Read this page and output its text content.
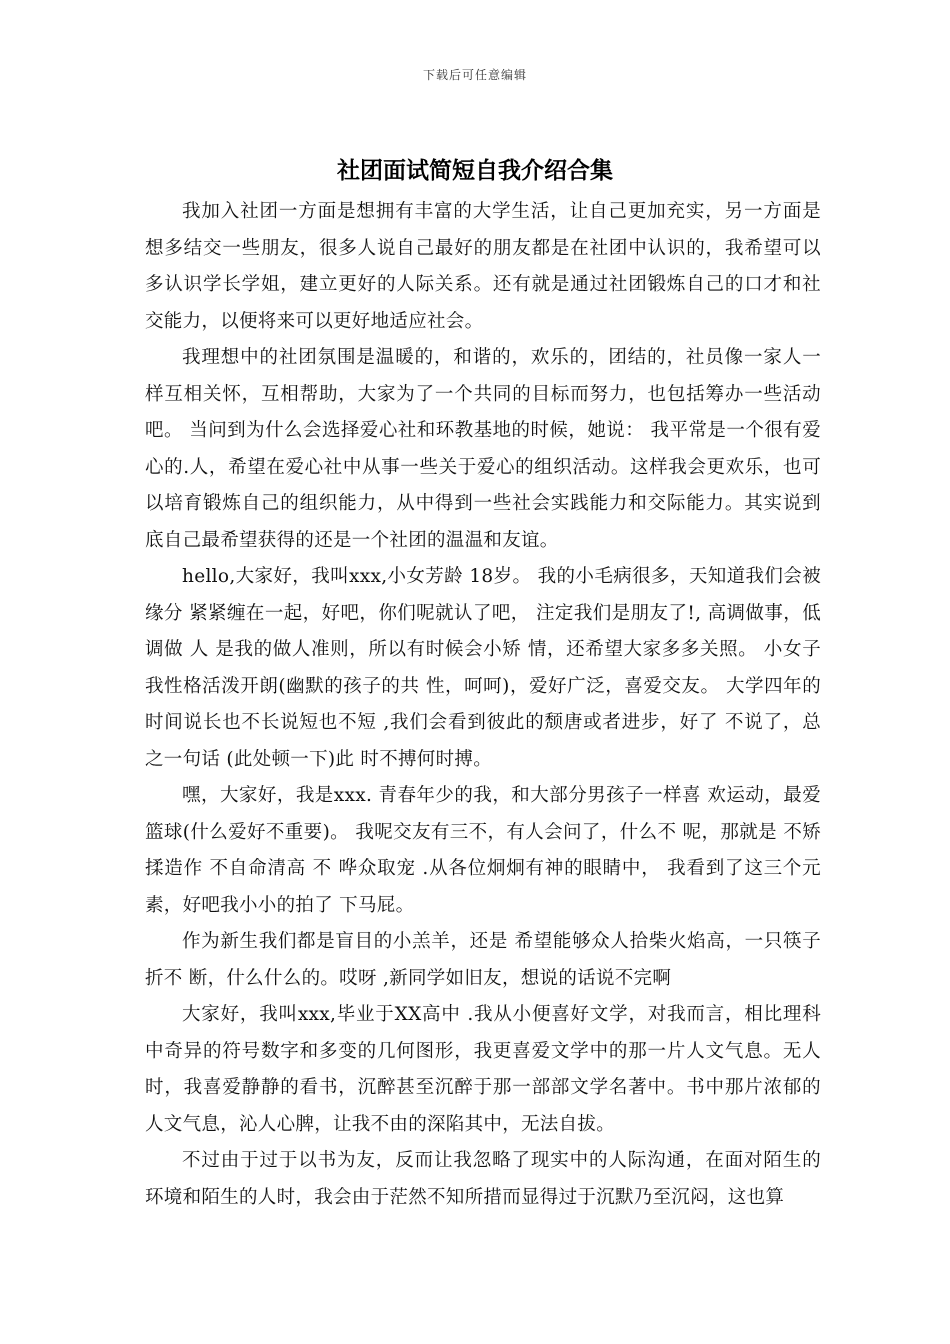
下载后可任意编辑
社团面试简短自我介绍合集

我加入社团一方面是想拥有丰富的大学生活，让自己更加充实，另一方面是想多结交一些朋友，很多人说自己最好的朋友都是在社团中认识的，我希望可以多认识学长学姐，建立更好的人际关系。还有就是通过社团锻炼自己的口才和社交能力，以便将来可以更好地适应社会。

我理想中的社团氛围是温暖的，和谐的，欢乐的，团结的，社员像一家人一样互相关怀，互相帮助，大家为了一个共同的目标而努力，也包括筹办一些活动吧。 当问到为什么会选择爱心社和环教基地的时候，她说： 我平常是一个很有爱心的.人，希望在爱心社中从事一些关于爱心的组织活动。这样我会更欢乐，也可以培育锻炼自己的组织能力，从中得到一些社会实践能力和交际能力。其实说到底自己最希望获得的还是一个社团的温温和友谊。

hello,大家好，我叫xxx,小女芳龄 18岁。 我的小毛病很多，天知道我们会被缘分 紧紧缠在一起，好吧，你们呢就认了吧， 注定我们是朋友了!, 高调做事，低调做 人 是我的做人准则，所以有时候会小矫 情，还希望大家多多关照。 小女子我性格活泼开朗(幽默的孩子的共 性，呵呵)，爱好广泛，喜爱交友。 大学四年的时间说长也不长说短也不短 ,我们会看到彼此的颓唐或者进步，好了 不说了，总之一句话 (此处顿一下)此 时不搏何时搏。

嘿，大家好，我是xxx. 青春年少的我，和大部分男孩子一样喜 欢运动，最爱篮球(什么爱好不重要)。 我呢交友有三不，有人会问了，什么不 呢，那就是 不矫揉造作 不自命清高 不 哗众取宠 .从各位炯炯有神的眼睛中， 我看到了这三个元素，好吧我小小的拍了 下马屁。

作为新生我们都是盲目的小羔羊，还是 希望能够众人拾柴火焰高，一只筷子折不 断，什么什么的。哎呀 ,新同学如旧友，想说的话说不完啊

大家好，我叫xxx,毕业于XX高中 .我从小便喜好文学，对我而言，相比理科中奇异的符号数字和多变的几何图形，我更喜爱文学中的那一片人文气息。无人时，我喜爱静静的看书，沉醉甚至沉醉于那一部部文学名著中。书中那片浓郁的人文气息，沁人心脾，让我不由的深陷其中，无法自拔。

不过由于过于以书为友，反而让我忽略了现实中的人际沟通，在面对陌生的环境和陌生的人时，我会由于茫然不知所措而显得过于沉默乃至沉闷，这也算
